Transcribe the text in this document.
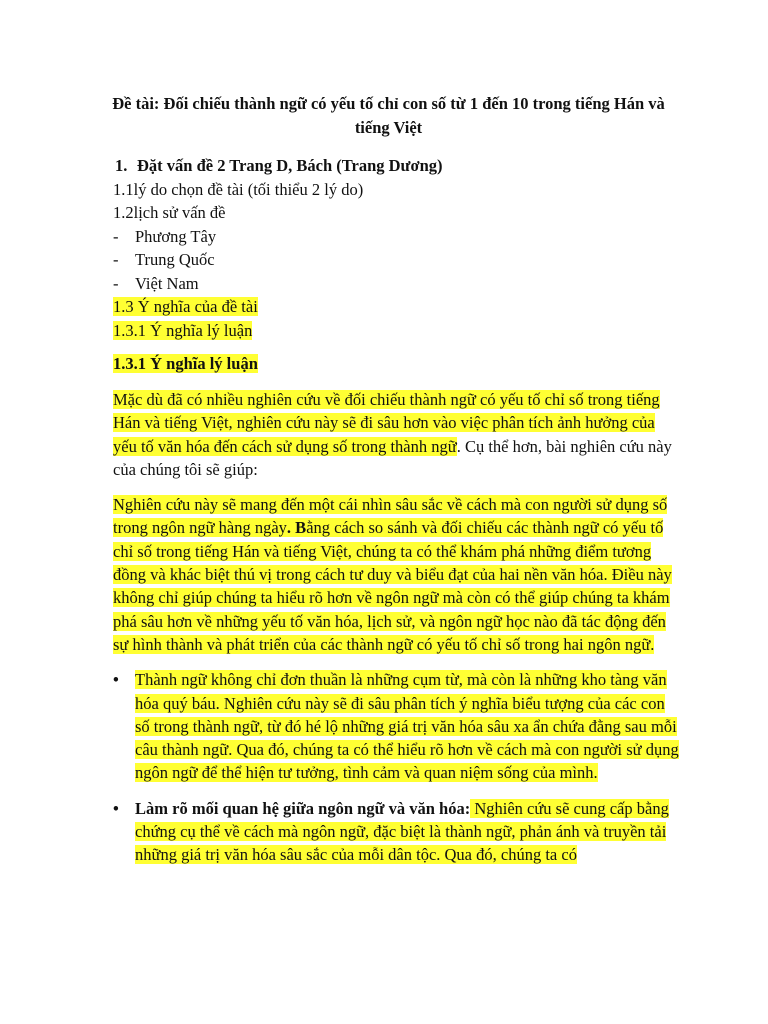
Đề tài: Đối chiếu thành ngữ có yếu tố chỉ con số từ 1 đến 10 trong tiếng Hán và tiếng Việt
1. Đặt vấn đề 2 Trang D, Bách (Trang Dương)
1.1lý do chọn đề tài (tối thiểu 2 lý do)
1.2lịch sử vấn đề
- Phương Tây
- Trung Quốc
- Việt Nam
1.3 Ý nghĩa của đề tài
1.3.1 Ý nghĩa lý luận
1.3.1 Ý nghĩa lý luận

Mặc dù đã có nhiều nghiên cứu về đối chiếu thành ngữ có yếu tố chỉ số trong tiếng Hán và tiếng Việt, nghiên cứu này sẽ đi sâu hơn vào việc phân tích ảnh hưởng của yếu tố văn hóa đến cách sử dụng số trong thành ngữ. Cụ thể hơn, bài nghiên cứu này của chúng tôi sẽ giúp:

Nghiên cứu này sẽ mang đến một cái nhìn sâu sắc về cách mà con người sử dụng số trong ngôn ngữ hàng ngày. Bằng cách so sánh và đối chiếu các thành ngữ có yếu tố chỉ số trong tiếng Hán và tiếng Việt, chúng ta có thể khám phá những điểm tương đồng và khác biệt thú vị trong cách tư duy và biểu đạt của hai nền văn hóa. Điều này không chỉ giúp chúng ta hiểu rõ hơn về ngôn ngữ mà còn có thể giúp chúng ta khám phá sâu hơn về những yếu tố văn hóa, lịch sử, và ngôn ngữ học nào đã tác động đến sự hình thành và phát triển của các thành ngữ có yếu tố chỉ số trong hai ngôn ngữ.

• Thành ngữ không chỉ đơn thuần là những cụm từ, mà còn là những kho tàng văn hóa quý báu. Nghiên cứu này sẽ đi sâu phân tích ý nghĩa biểu tượng của các con số trong thành ngữ, từ đó hé lộ những giá trị văn hóa sâu xa ẩn chứa đằng sau mỗi câu thành ngữ. Qua đó, chúng ta có thể hiểu rõ hơn về cách mà con người sử dụng ngôn ngữ để thể hiện tư tưởng, tình cảm và quan niệm sống của mình.
• Làm rõ mối quan hệ giữa ngôn ngữ và văn hóa: Nghiên cứu sẽ cung cấp bằng chứng cụ thể về cách mà ngôn ngữ, đặc biệt là thành ngữ, phản ánh và truyền tải những giá trị văn hóa sâu sắc của mỗi dân tộc. Qua đó, chúng ta có
